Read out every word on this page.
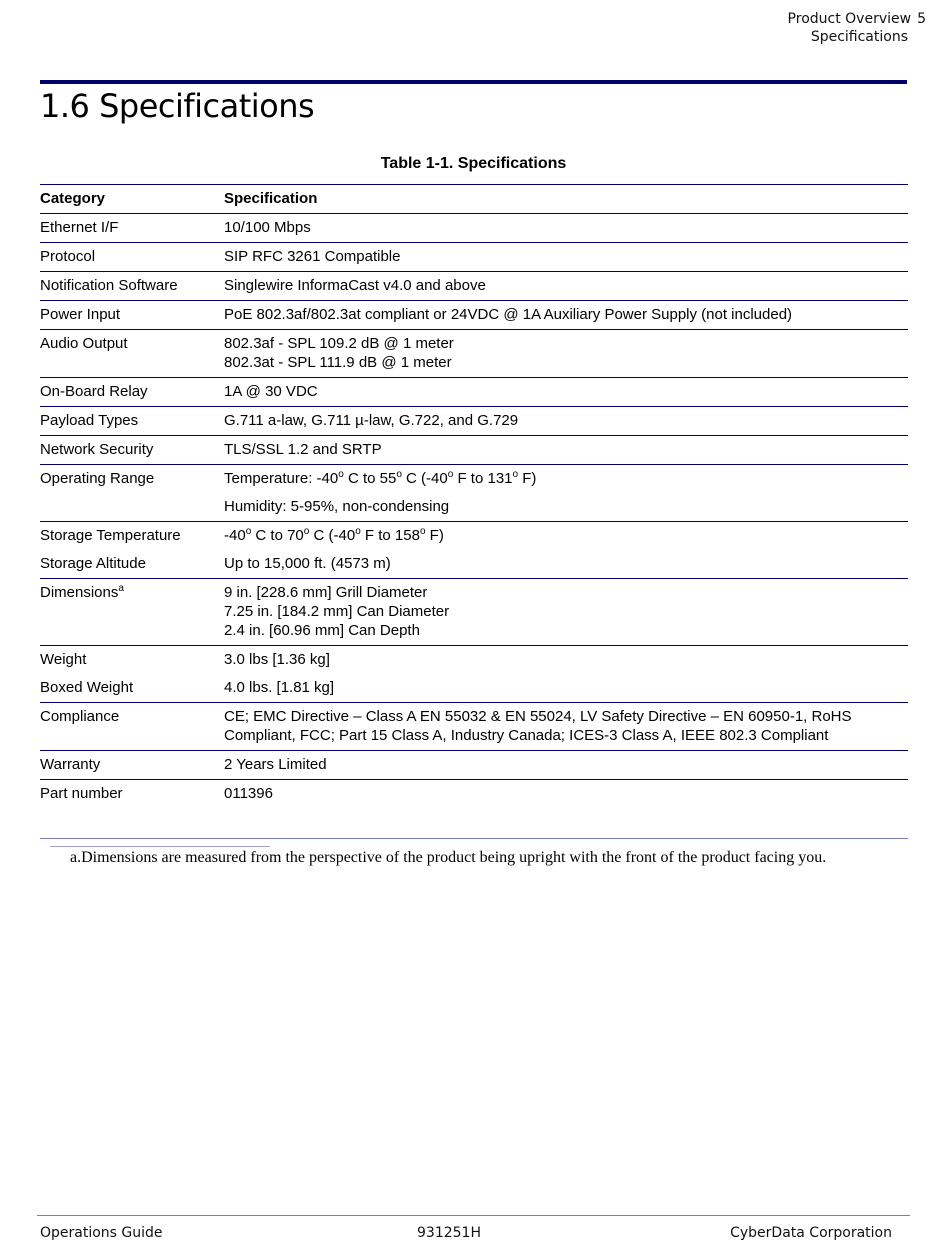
Product Overview 5
Specifications
1.6 Specifications
Table 1-1. Specifications
Category	Specification
Ethernet I/F	10/100 Mbps
Protocol	SIP RFC 3261 Compatible
Notification Software	Singlewire InformaCast v4.0 and above
Power Input	PoE 802.3af/802.3at compliant or 24VDC @ 1A Auxiliary Power Supply (not included)
Audio Output	802.3af - SPL 109.2 dB @ 1 meter
802.3at - SPL 111.9 dB @ 1 meter

On-Board Relay	1A @ 30 VDC
Payload Types	G.711 a-law, G.711 µ-law, G.722, and G.729
Network Security	TLS/SSL 1.2 and SRTP
Operating Range	Temperature: -40$^o$ C to 55$^o$ C (-40$^o$ F to 131$^o$ F)
Humidity: 5-95%, non-condensing

Storage Temperature	-40$^o$ C to 70$^o$ C (-40$^o$ F to 158$^o$ F)
Storage Altitude	Up to 15,000 ft. (4573 m)
Dimensions$^a$	9 in. [228.6 mm] Grill Diameter
7.25 in. [184.2 mm] Can Diameter
2.4 in. [60.96 mm] Can Depth

Weight	3.0 lbs [1.36 kg]
Boxed Weight	4.0 lbs. [1.81 kg]
Compliance	CE; EMC Directive – Class A EN 55032 & EN 55024, LV Safety Directive – EN 60950-1, RoHS
Compliant, FCC; Part 15 Class A, Industry Canada; ICES-3 Class A, IEEE 802.3 Compliant

Warranty	2 Years Limited
Part number	011396
a.Dimensions are measured from the perspective of the product being upright with the front of the product facing you.
Operations Guide	931251H	CyberData Corporation
